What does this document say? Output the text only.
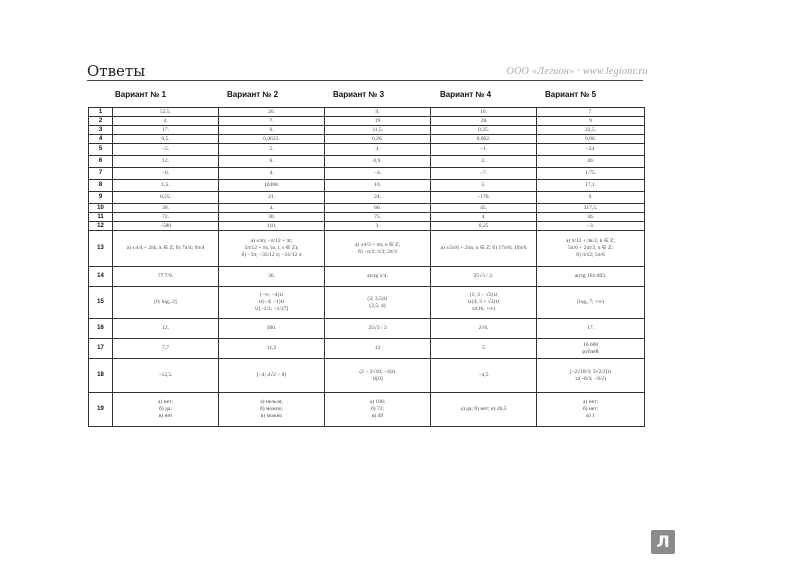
Ответы	ООО «Легион» · www.legionr.ru
Вариант № 1	Вариант № 2	Вариант № 3	Вариант № 4	Вариант № 5
1	52,5.	20.	9.	10.	7.
2	4.	7.	19	28	9
3	17.	6.	31,5.	0,25.	22,5.
4	0,5.	0,0625.	0,26.	0,002.	0,96.
5	−5.	5.	4.	−1.	−24.
6	12.	6.	0,9.	2.	40.
7	−6.	4.	−4.	−7.	1,75.
8	1,5.	10368.	10.	5.	17,1.
9	0,25.	21.	24.	−176.	9.
10	30.	4.	60.	45.	317,5.
11	72.	30.	75.	4.	36.
12	−580	110.	3.	0,25	−3.
13	а) ±π/4 + 2πk, k ∈ Z; б) 7π/4; 9π/4	а) ±πn; −π/12 + πt;
5π/12 + πs, (n, t, s ∈ Z);
б) −3π; −35/12 π; −31/12 π	а) ±π/3 + πn, n ∈ Z;
б) −π/3; π/3; 2π/3	а) ±5π/6 + 2πn, n ∈ Z; б) 17π/6; 19π/6	а) π/12 + πk/2, k ∈ Z;
5π/6 + 2πl/3, n ∈ Z;
б) π/12; 5π/6
14	77 7/9.	36.	arctg 1/4.	25√3 / 2.	arctg 161/403.
15	[0; log₅ 2]	(−∞; −4)∪
∪(−4; −1)∪
∪[−1/3; −1/27]	(3; 3,5)∪
(3,5; 4)	(1; 3 − √2)∪
∪(4; 3 + √2)∪
∪(16; +∞)	[log₂ 7; +∞)
16	12.	300.	25√3 / 3	2√6.	17.
17	7,7	11,2	12	5	16 600
рублей
18	−12,5.	[−4; 4√2 − 8)	(2 − 2√10; −4)∪
∪[0]	−4,5	[−2√18/3; 3√2/2]∪
∪(−8/3; −9/2)
19	а) нет;
б) да;
в) нет	а) нельзя;
б) можно;
в) можно	а) 100;
б) 72;
в) 49	а) да; б) нет; в) 26,5	а) нет;
б) нет;
в) 1
Л
